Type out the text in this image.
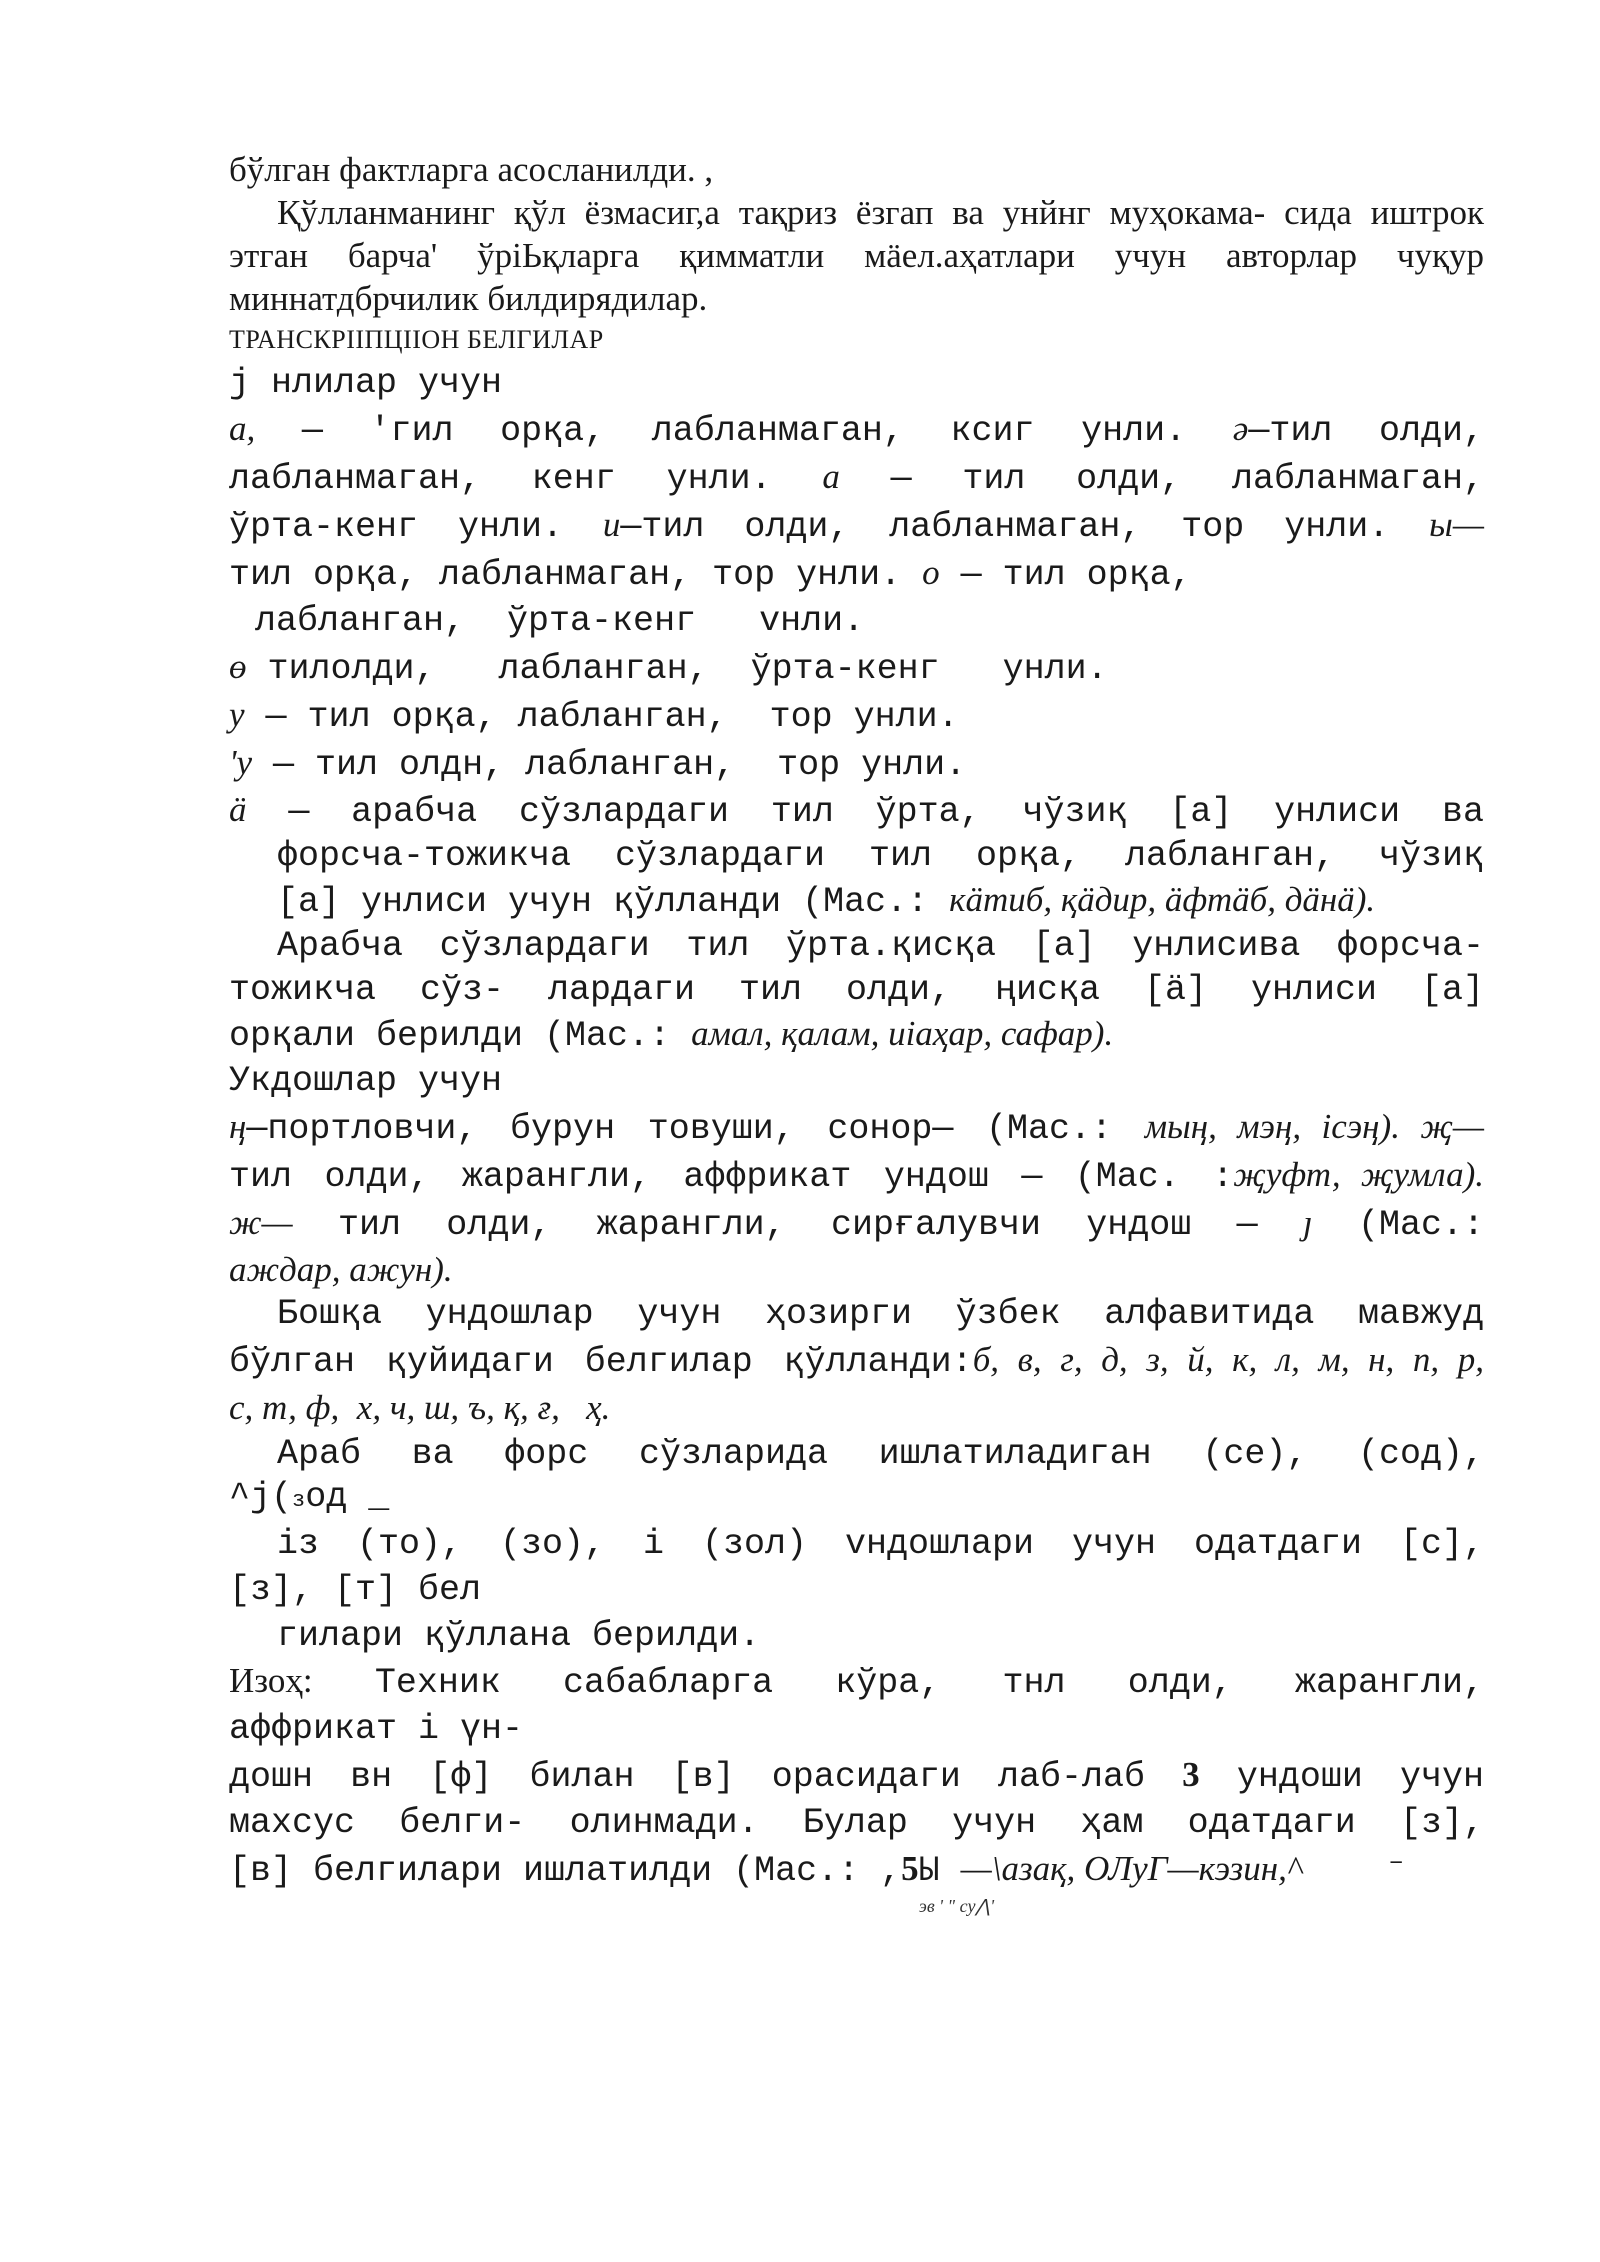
бўлган фактларга асосланилди. ,

Қўлланманинг қўл ёзмасиг,а тақриз ёзгап ва унйнг муҳокама- сида иштрок

этган барча' ўріЬқларга қимматли мäел.аҳатлари учун авторлар чуқур

миннатдбрчилик билдирядилар.

ТРАНСКРІІПЦІІОН БЕЛГИЛАР

ј нлилар учун

а, — 'гил орқа, лабланмаган, ксиг унли. ә—тил олди,

лабланмаган, кенг унли. а — тил олди, лабланмаган,

ўрта-кенг унли. и—тил олди, лабланмаган, тор унли. ы—

тил орқа, лабланмаган, тор унли. о — тил орқа,

лабланган,  ўрта-кенг   vнли.

ө тилолди,   лабланган,  ўрта-кенг   унли.

у — тил орқа, лабланган,  тор унли.

'у — тил олдн, лабланган,  тор унли.

ä — арабча сўзлардаги тил ўрта, чўзиқ [а] унлиси ва

форсча-тожикча сўзлардаги тил орқа, лабланган, чўзиқ

[а] унлиси учун қўлланди (Мас.: кäтиб, қäдир, äфтäб, дäнä).

Арабча сўзлардаги тил ўрта.қисқа [а] унлисива форсча-

тожикча сўз- лардаги тил олди, ңисқа [ä] унлиси [а]

орқали берилди (Мас.: амал, қалам, иіаҳар, сафар).

Укдошлар учун

ң—портловчи, бурун товуши, сонор— (Мас.: мың, мэң, ісэң). җ—

тил олди, жарангли, аффрикат ундош — (Мас. :җуфт, җумла).

ж— тил олди, жарангли, сирғалувчи ундош — ȷ (Мас.:

аждар, ажун).

Бошқа ундошлар учун ҳозирги ўзбек алфавитида мавжуд

бўлган қуйидаги белгилар қўлланди:б, в, г, д, з, й, к, л, м, н, п, р,

с, т, ф,  х, ч, ш, ъ, қ, ғ,   ҳ.

Араб ва форс сўзларида ишлатиладиган (се), (сод),

^j(зод _

із (то), (зо), і (зол) vндошлари учун одатдаги [с],

[з], [т] бел

гилари қўллана берилди.

Изоҳ: Техник сабабларга кўра, тнл олди, жарангли,

аффрикат і үн-

дошн вн [ф] билан [в] орасидаги лаб-лаб 3 ундоши учун

махсус белги- олинмади. Булар учун ҳам одатдаги [з],

[в] белгилари ишлатилди (Мас.: ,5Ы —\азақ, ОЛуГ—кэзин,^    ⁻

эв ' " су⋀'
